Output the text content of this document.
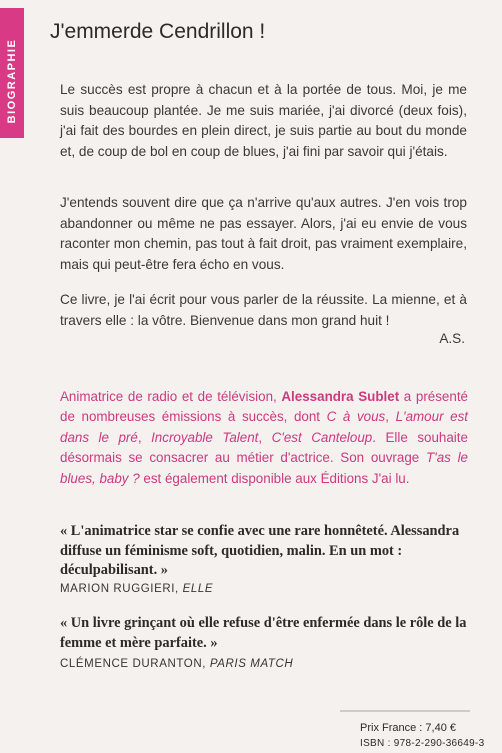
BIOGRAPHIE
J'emmerde Cendrillon !

Le succès est propre à chacun et à la portée de tous. Moi, je me suis beaucoup plantée. Je me suis mariée, j'ai divorcé (deux fois), j'ai fait des bourdes en plein direct, je suis partie au bout du monde et, de coup de bol en coup de blues, j'ai fini par savoir qui j'étais.

J'entends souvent dire que ça n'arrive qu'aux autres. J'en vois trop abandonner ou même ne pas essayer. Alors, j'ai eu envie de vous raconter mon chemin, pas tout à fait droit, pas vraiment exemplaire, mais qui peut-être fera écho en vous.

Ce livre, je l'ai écrit pour vous parler de la réussite. La mienne, et à travers elle : la vôtre. Bienvenue dans mon grand huit !

A.S.

Animatrice de radio et de télévision, Alessandra Sublet a présenté de nombreuses émissions à succès, dont C à vous, L'amour est dans le pré, Incroyable Talent, C'est Canteloup. Elle souhaite désormais se consacrer au métier d'actrice. Son ouvrage T'as le blues, baby ? est également disponible aux Éditions J'ai lu.

« L'animatrice star se confie avec une rare honnêteté. Alessandra diffuse un féminisme soft, quotidien, malin. En un mot : déculpabilisant. »

MARION RUGGIERI, ELLE

« Un livre grinçant où elle refuse d'être enfermée dans le rôle de la femme et mère parfaite. »

CLÉMENCE DURANTON, PARIS MATCH
Prix France : 7,40 €
ISBN : 978-2-290-36649-3
